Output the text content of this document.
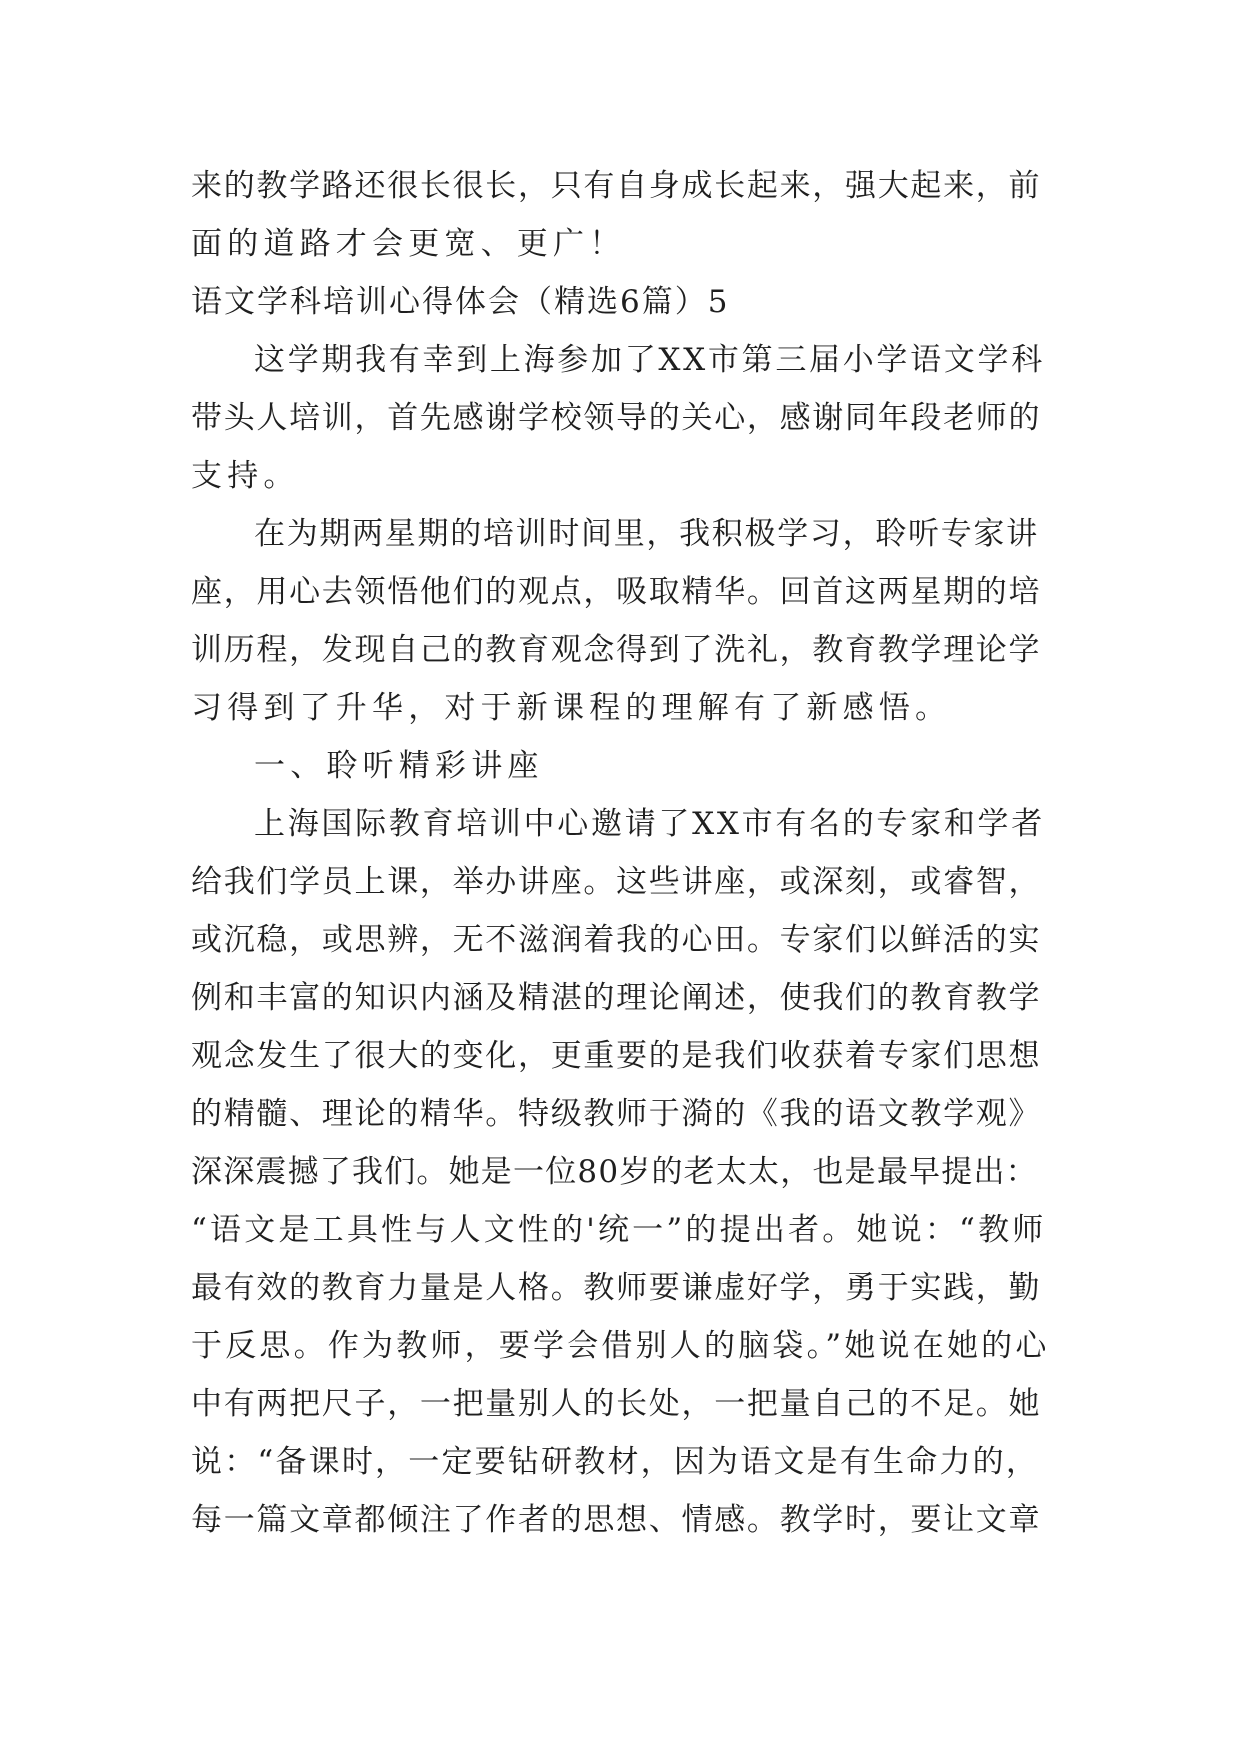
来的教学路还很长很长，只有自身成长起来，强大起来，前
面的道路才会更宽、更广！
语文学科培训心得体会（精选6篇）5
这学期我有幸到上海参加了XX市第三届小学语文学科
带头人培训，首先感谢学校领导的关心，感谢同年段老师的
支持。
在为期两星期的培训时间里，我积极学习，聆听专家讲
座，用心去领悟他们的观点，吸取精华。回首这两星期的培
训历程，发现自己的教育观念得到了洗礼，教育教学理论学
习得到了升华，对于新课程的理解有了新感悟。
一、聆听精彩讲座
上海国际教育培训中心邀请了XX市有名的专家和学者
给我们学员上课，举办讲座。这些讲座，或深刻，或睿智，
或沉稳，或思辨，无不滋润着我的心田。专家们以鲜活的实
例和丰富的知识内涵及精湛的理论阐述，使我们的教育教学
观念发生了很大的变化，更重要的是我们收获着专家们思想
的精髓、理论的精华。特级教师于漪的《我的语文教学观》
深深震撼了我们。她是一位80岁的老太太，也是最早提出：
“语文是工具性与人文性的'统一”的提出者。她说：“教师
最有效的教育力量是人格。教师要谦虚好学，勇于实践，勤
于反思。作为教师，要学会借别人的脑袋。”她说在她的心
中有两把尺子，一把量别人的长处，一把量自己的不足。她
说：“备课时，一定要钻研教材，因为语文是有生命力的，
每一篇文章都倾注了作者的思想、情感。教学时，要让文章
